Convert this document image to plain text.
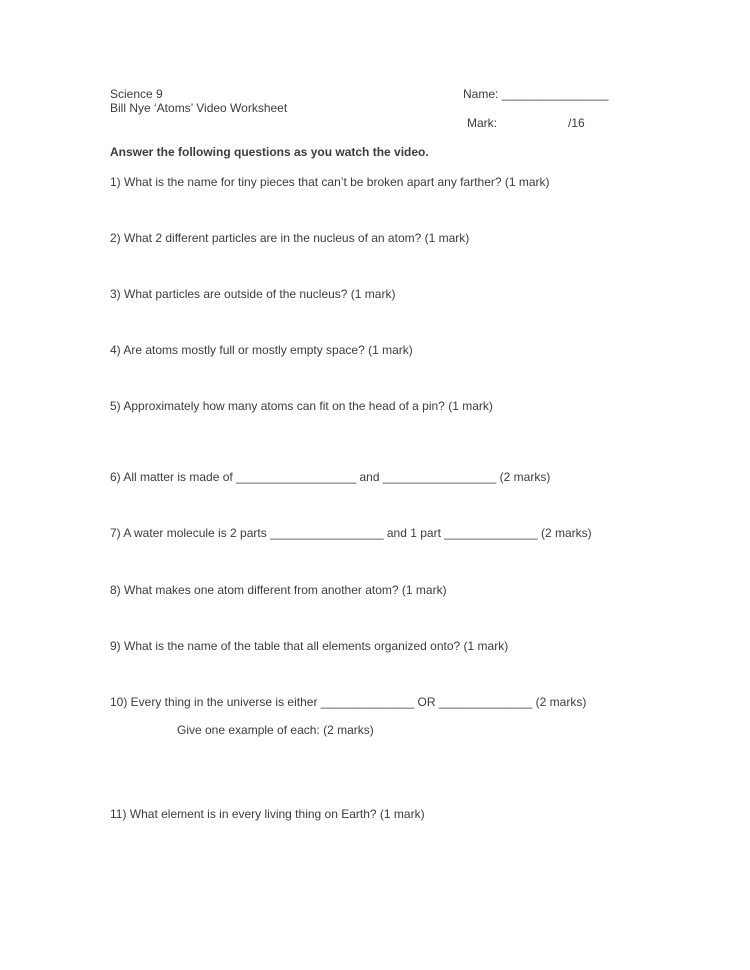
Science 9
Bill Nye ‘Atoms’ Video Worksheet
Name: ________________
Mark:	/16
Answer the following questions as you watch the video.
1) What is the name for tiny pieces that can’t be broken apart any farther? (1 mark)
2) What 2 different particles are in the nucleus of an atom? (1 mark)
3) What particles are outside of the nucleus? (1 mark)
4) Are atoms mostly full or mostly empty space? (1 mark)
5) Approximately how many atoms can fit on the head of a pin? (1 mark)
6) All matter is made of __________________ and _________________ (2 marks)
7) A water molecule is 2 parts _________________ and 1 part ______________ (2 marks)
8) What makes one atom different from another atom? (1 mark)
9) What is the name of the table that all elements organized onto? (1 mark)
10) Every thing in the universe is either ______________ OR ______________ (2 marks)
Give one example of each: (2 marks)
11) What element is in every living thing on Earth? (1 mark)
